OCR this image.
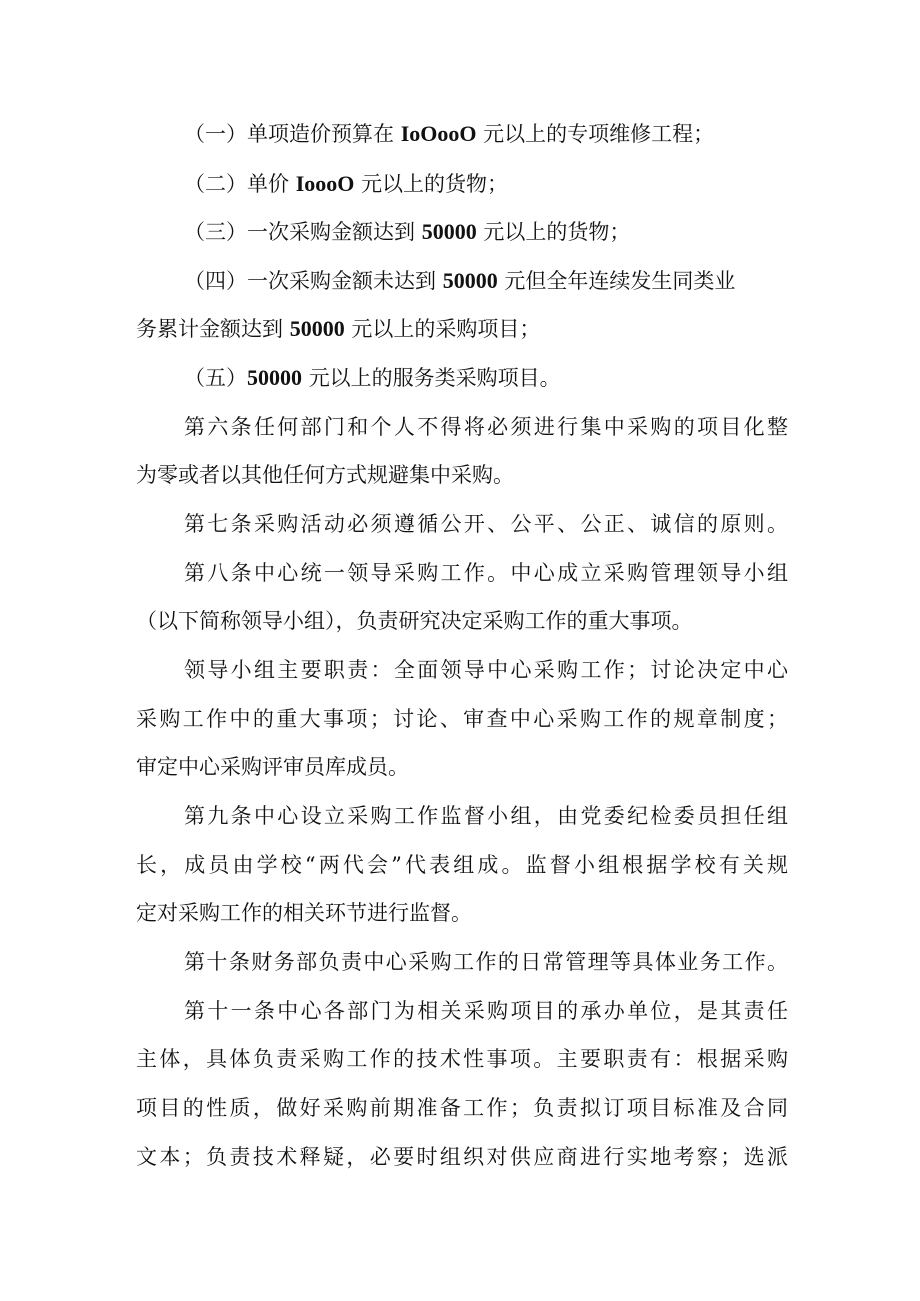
（一）单项造价预算在 IoOooO 元以上的专项维修工程；
（二）单价 IoooO 元以上的货物；
（三）一次采购金额达到 50000 元以上的货物；
（四）一次采购金额未达到 50000 元但全年连续发生同类业
务累计金额达到 50000 元以上的采购项目；
（五）50000 元以上的服务类采购项目。
第六条任何部门和个人不得将必须进行集中采购的项目化整
为零或者以其他任何方式规避集中采购。
第七条采购活动必须遵循公开、公平、公正、诚信的原则。
第八条中心统一领导采购工作。中心成立采购管理领导小组
（以下简称领导小组），负责研究决定采购工作的重大事项。
领导小组主要职责：全面领导中心采购工作；讨论决定中心
采购工作中的重大事项；讨论、审查中心采购工作的规章制度；
审定中心采购评审员库成员。
第九条中心设立采购工作监督小组，由党委纪检委员担任组
长，成员由学校“两代会”代表组成。监督小组根据学校有关规
定对采购工作的相关环节进行监督。
第十条财务部负责中心采购工作的日常管理等具体业务工作。
第十一条中心各部门为相关采购项目的承办单位，是其责任
主体，具体负责采购工作的技术性事项。主要职责有：根据采购
项目的性质，做好采购前期准备工作；负责拟订项目标准及合同
文本；负责技术释疑，必要时组织对供应商进行实地考察；选派
